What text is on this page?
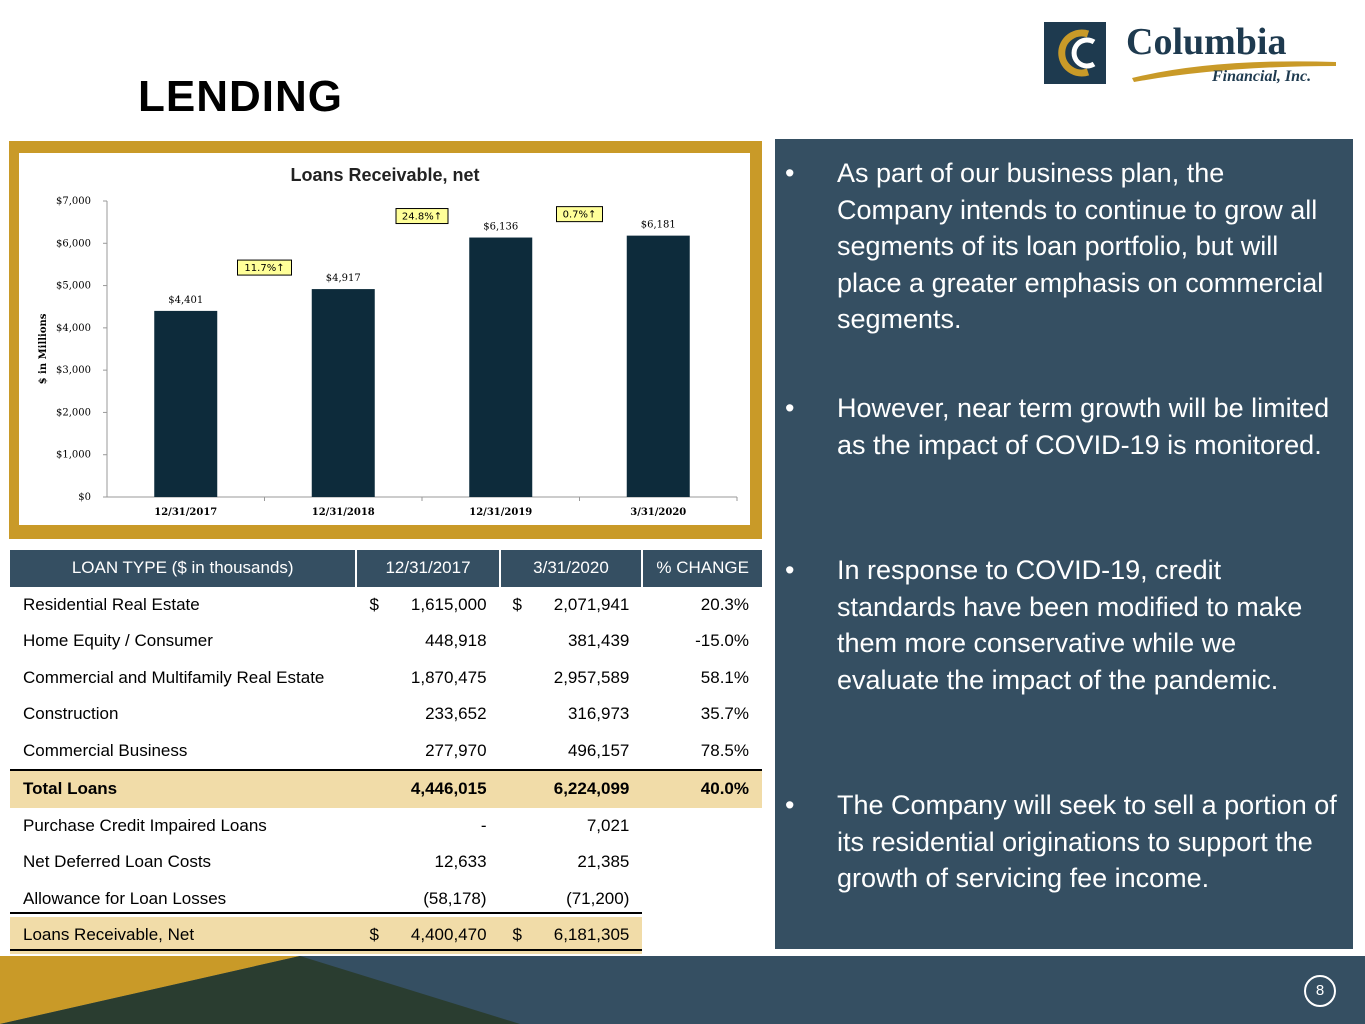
LENDING
Columbia
Financial, Inc.
Loans Receivable, net
$ in Millions
$0
$1,000
$2,000
$3,000
$4,000
$5,000
$6,000
$7,000
$4,401
12/31/2017
$4,917
12/31/2018
$6,136
12/31/2019
$6,181
3/31/2020
11.7%↑
24.8%↑	0.7%↑
LOAN TYPE ($ in thousands)	12/31/2017	3/31/2020	% CHANGE
Residential Real Estate	$ 1,615,000	$ 2,071,941	20.3%
Home Equity / Consumer	448,918	381,439	-15.0%
Commercial and Multifamily Real Estate	1,870,475	2,957,589	58.1%
Construction	233,652	316,973	35.7%
Commercial Business	277,970	496,157	78.5%
Total Loans	4,446,015	6,224,099	40.0%
Purchase Credit Impaired Loans	-	7,021	
Net Deferred Loan Costs	12,633	21,385	
Allowance for Loan Losses	(58,178)	(71,200)	
Loans Receivable, Net	$ 4,400,470	$ 6,181,305	

• As part of our business plan, the Company intends to continue to grow all segments of its loan portfolio, but will place a greater emphasis on commercial segments.
• However, near term growth will be limited as the impact of COVID-19 is monitored.
• In response to COVID-19, credit standards have been modified to make them more conservative while we evaluate the impact of the pandemic.
• The Company will seek to sell a portion of its residential originations to support the growth of servicing fee income.
8
